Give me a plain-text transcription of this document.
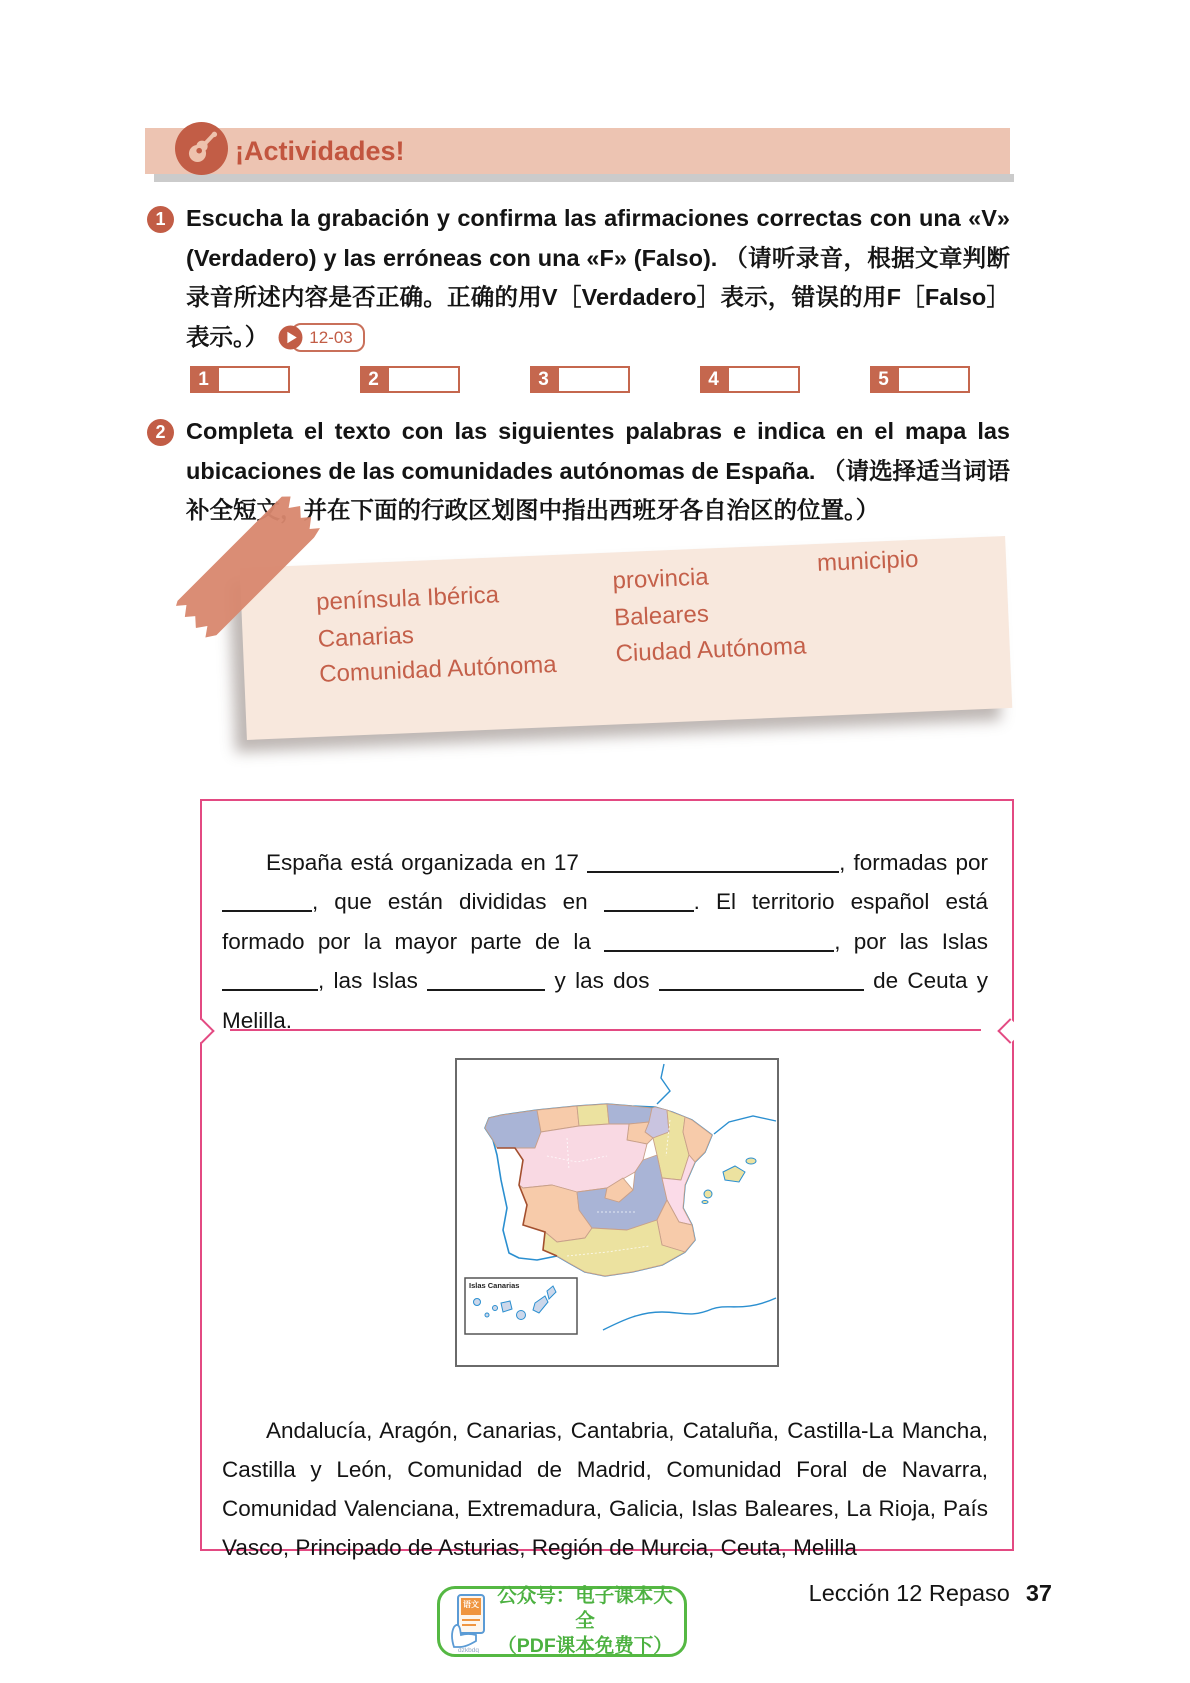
¡Actividades!
1 Escucha la grabación y confirma las afirmaciones correctas con una «V» (Verdadero) y las erróneas con una «F» (Falso). （请听录音，根据文章判断录音所述内容是否正确。正确的用V［Verdadero］表示，错误的用F［Falso］表示。）	12-03
1	2	3	4	5
2 Completa el texto con las siguientes palabras e indica en el mapa las ubicaciones de las comunidades autónomas de España. （请选择适当词语补全短文，并在下面的行政区划图中指出西班牙各自治区的位置。）
península Ibérica
provincia
municipio
Canarias
Baleares
Comunidad Autónoma
Ciudad Autónoma

España está organizada en 17	, formadas por , que están divididas en	. El territorio español está formado por la mayor parte de la	, por las Islas , las Islas	y las dos	de Ceuta y Melilla.

Islas Canarias

Andalucía, Aragón, Canarias, Cantabria, Cataluña, Castilla-La Mancha, Castilla y León, Comunidad de Madrid, Comunidad Foral de Navarra, Comunidad Valenciana, Extremadura, Galicia, Islas Baleares, La Rioja, País Vasco, Principado de Asturias, Región de Murcia, Ceuta, Melilla

语文
dzkbdq
公众号：电子课本大全
（PDF课本免费下）
Lección 12 Repaso 37
